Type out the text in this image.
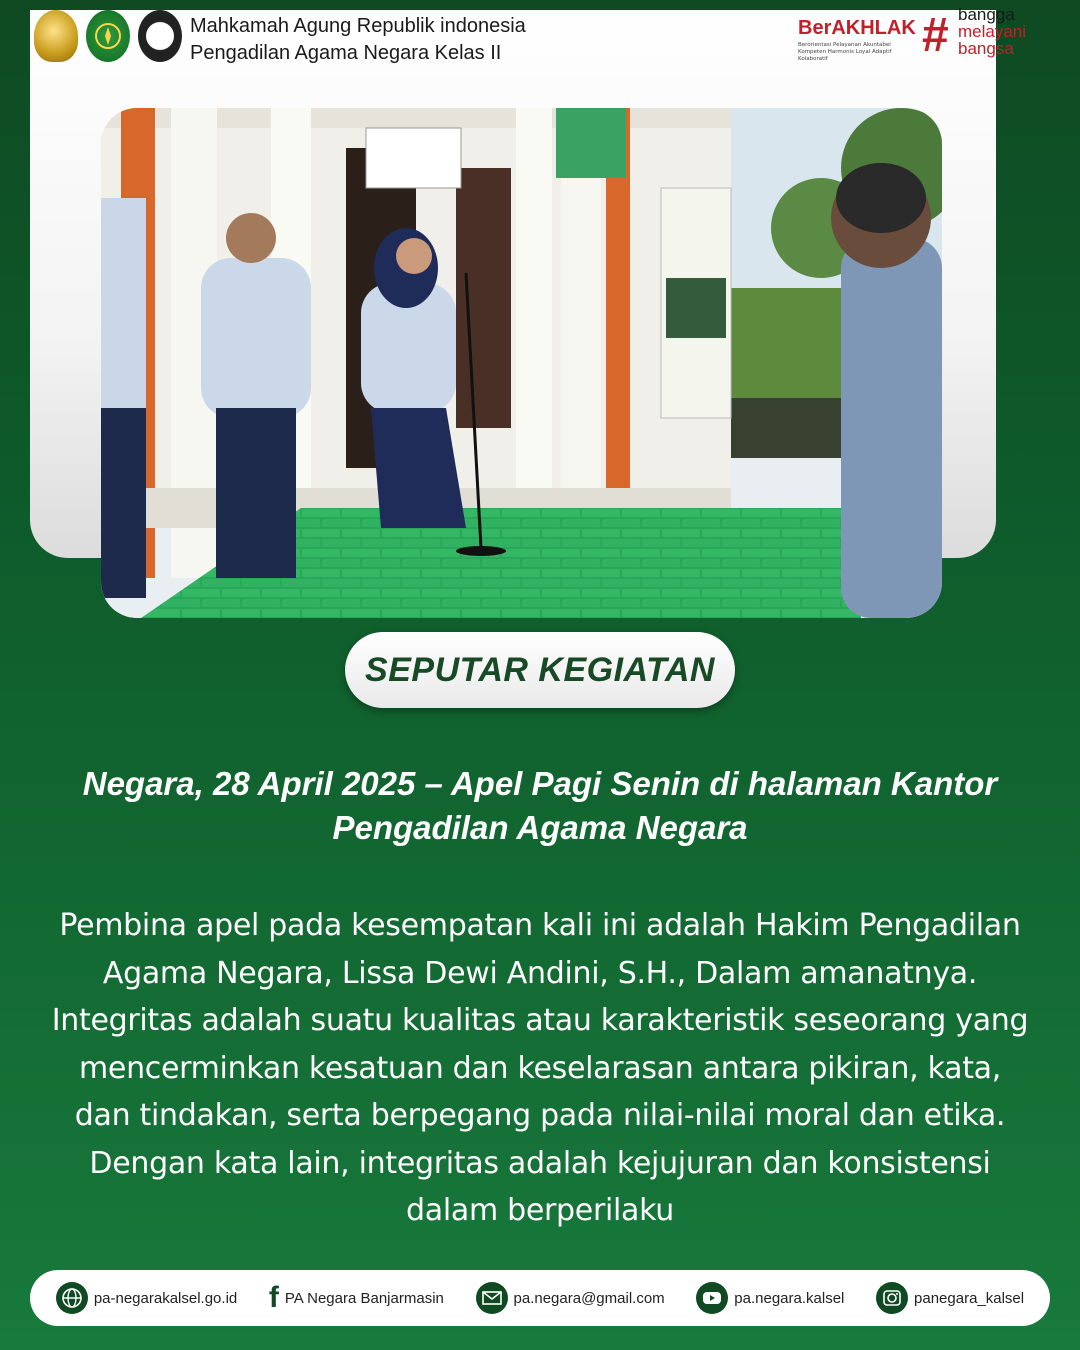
Mahkamah Agung Republik indonesia
Pengadilan Agama Negara Kelas II
BerAKHLAK
Berorientasi Pelayanan Akuntabel Kompeten Harmonis Loyal Adaptif Kolaboratif	# bangga
melayani
bangsa
SEPUTAR KEGIATAN
Negara, 28 April 2025 – Apel Pagi Senin di halaman Kantor
Pengadilan Agama Negara
Pembina apel pada kesempatan kali ini adalah Hakim Pengadilan Agama Negara, Lissa Dewi Andini, S.H., Dalam amanatnya. Integritas adalah suatu kualitas atau karakteristik seseorang yang mencerminkan kesatuan dan keselarasan antara pikiran, kata, dan tindakan, serta berpegang pada nilai-nilai moral dan etika. Dengan kata lain, integritas adalah kejujuran dan konsistensi dalam berperilaku
pa-negarakalsel.go.id f PA Negara Banjarmasin	pa.negara@gmail.com	pa.negara.kalsel	panegara_kalsel
